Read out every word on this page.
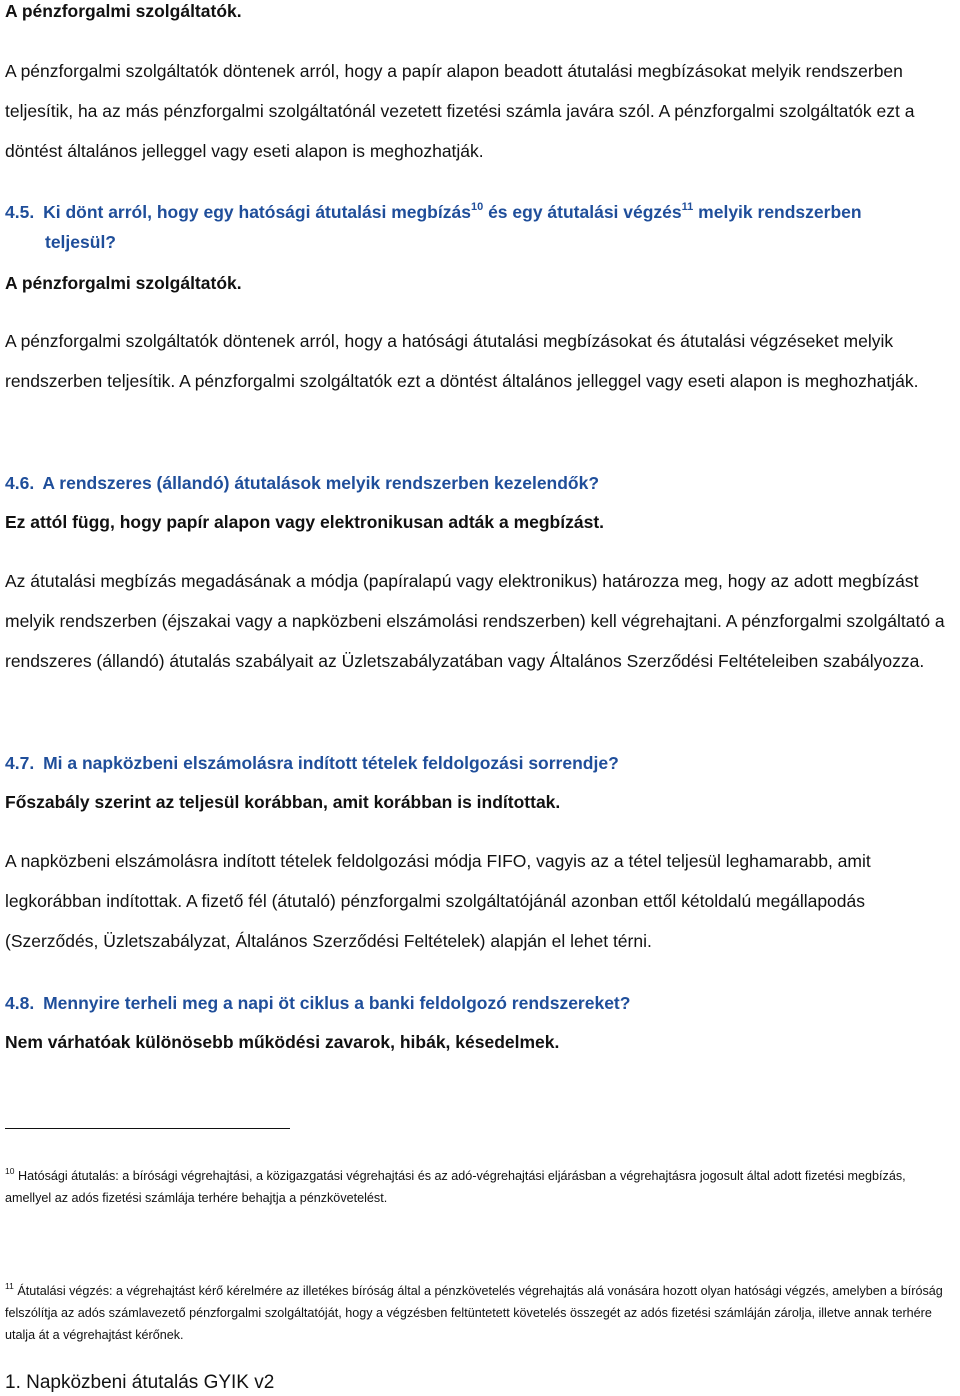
A pénzforgalmi szolgáltatók.

A pénzforgalmi szolgáltatók döntenek arról, hogy a papír alapon beadott átutalási megbízásokat melyik rendszerben teljesítik, ha az más pénzforgalmi szolgáltatónál vezetett fizetési számla javára szól. A pénzforgalmi szolgáltatók ezt a döntést általános jelleggel vagy eseti alapon is meghozhatják.

4.5. Ki dönt arról, hogy egy hatósági átutalási megbízás$^{10}$ és egy átutalási végzés$^{11}$ melyik rendszerben
teljesül?

A pénzforgalmi szolgáltatók.

A pénzforgalmi szolgáltatók döntenek arról, hogy a hatósági átutalási megbízásokat és átutalási végzéseket melyik rendszerben teljesítik. A pénzforgalmi szolgáltatók ezt a döntést általános jelleggel vagy eseti alapon is meghozhatják.

4.6. A rendszeres (állandó) átutalások melyik rendszerben kezelendők?

Ez attól függ, hogy papír alapon vagy elektronikusan adták a megbízást.

Az átutalási megbízás megadásának a módja (papíralapú vagy elektronikus) határozza meg, hogy az adott megbízást melyik rendszerben (éjszakai vagy a napközbeni elszámolási rendszerben) kell végrehajtani. A pénzforgalmi szolgáltató a rendszeres (állandó) átutalás szabályait az Üzletszabályzatában vagy Általános Szerződési Feltételeiben szabályozza.

4.7. Mi a napközbeni elszámolásra indított tételek feldolgozási sorrendje?

Főszabály szerint az teljesül korábban, amit korábban is indítottak.

A napközbeni elszámolásra indított tételek feldolgozási módja FIFO, vagyis az a tétel teljesül leghamarabb, amit legkorábban indítottak. A fizető fél (átutaló) pénzforgalmi szolgáltatójánál azonban ettől kétoldalú megállapodás (Szerződés, Üzletszabályzat, Általános Szerződési Feltételek) alapján el lehet térni.

4.8. Mennyire terheli meg a napi öt ciklus a banki feldolgozó rendszereket?

Nem várhatóak különösebb működési zavarok, hibák, késedelmek.

$^{10}$ Hatósági átutalás: a bírósági végrehajtási, a közigazgatási végrehajtási és az adó-végrehajtási eljárásban a végrehajtásra jogosult által adott fizetési megbízás, amellyel az adós fizetési számlája terhére behajtja a pénzkövetelést.

$^{11}$ Átutalási végzés: a végrehajtást kérő kérelmére az illetékes bíróság által a pénzkövetelés végrehajtás alá vonására hozott olyan hatósági végzés, amelyben a bíróság felszólítja az adós számlavezető pénzforgalmi szolgáltatóját, hogy a végzésben feltüntetett követelés összegét az adós fizetési számláján zárolja, illetve annak terhére utalja át a végrehajtást kérőnek.

1. Napközbeni átutalás GYIK v2
